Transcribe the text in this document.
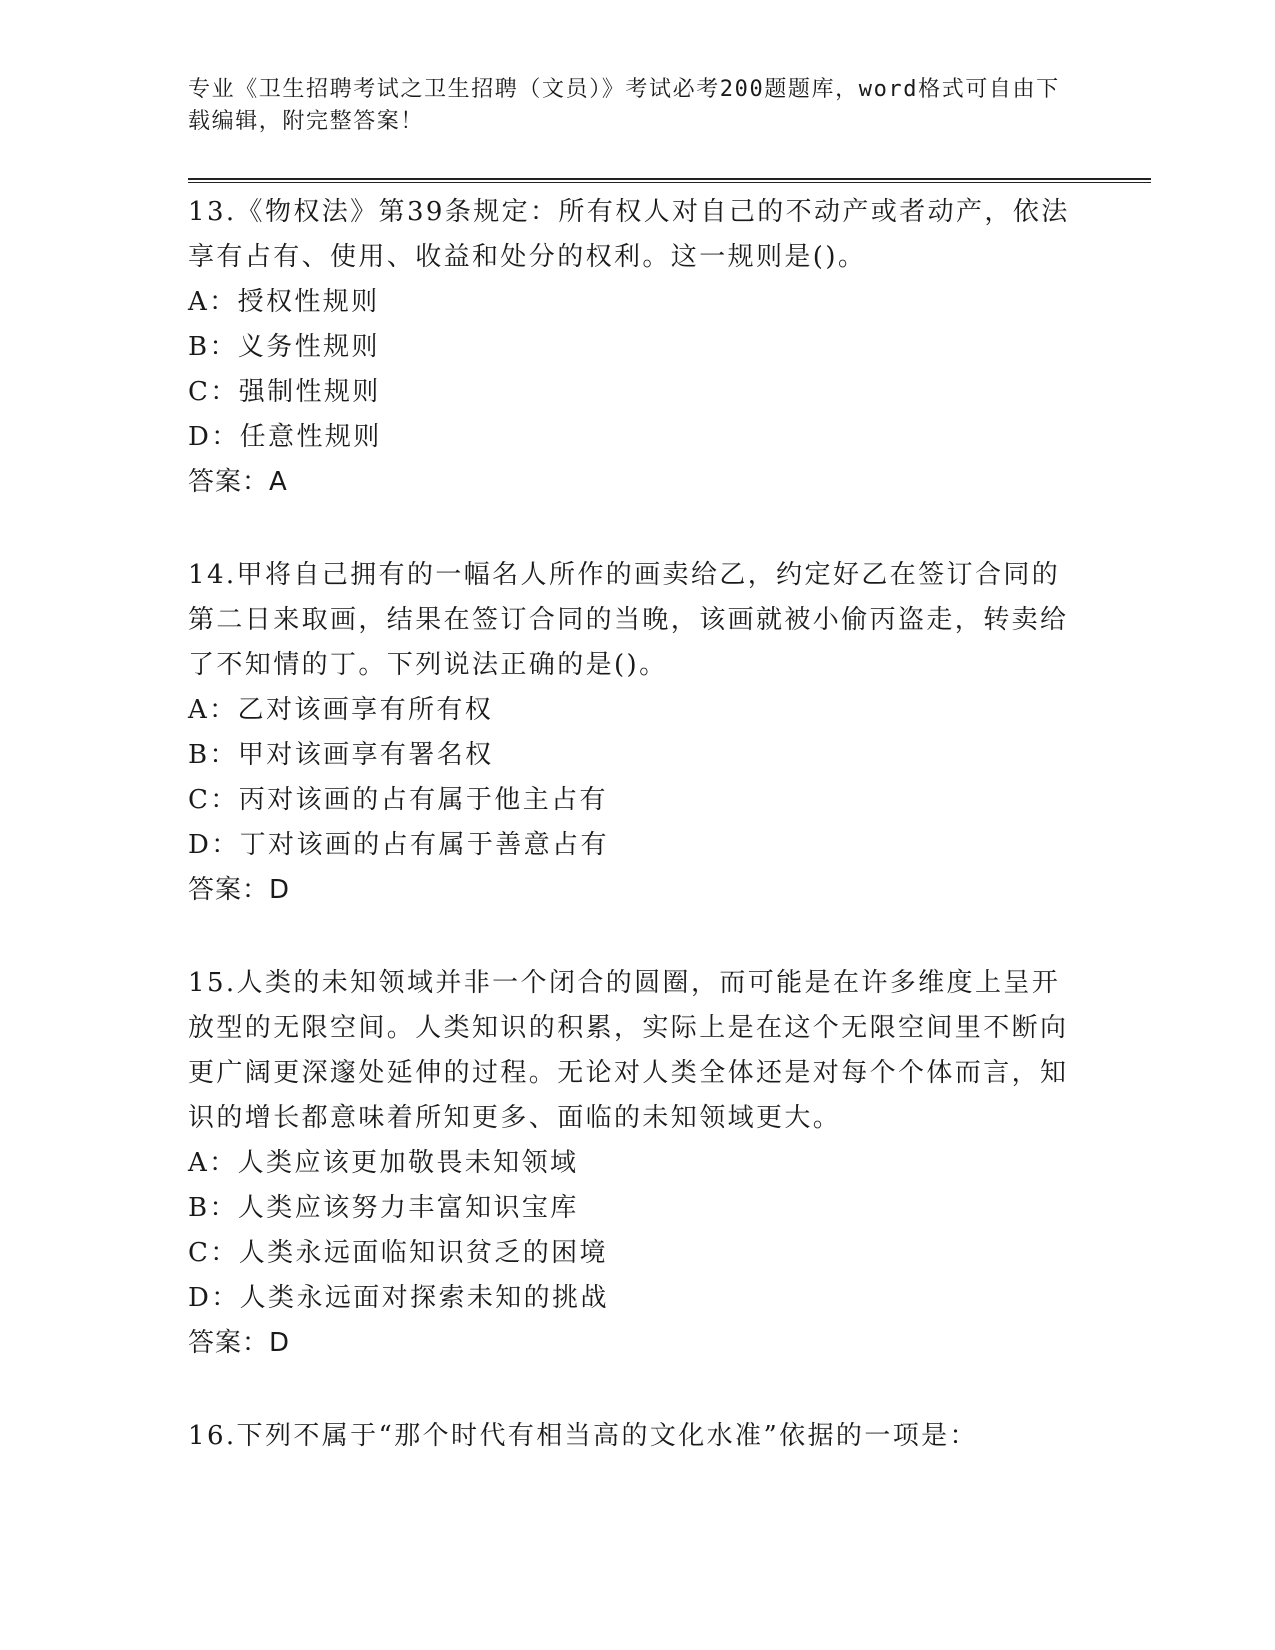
专业《卫生招聘考试之卫生招聘（文员）》考试必考200题题库，word格式可自由下载编辑，附完整答案！

13.《物权法》第39条规定：所有权人对自己的不动产或者动产，依法享有占有、使用、收益和处分的权利。这一规则是()。

A：授权性规则

B：义务性规则

C：强制性规则

D：任意性规则

答案：A

14.甲将自己拥有的一幅名人所作的画卖给乙，约定好乙在签订合同的第二日来取画，结果在签订合同的当晚，该画就被小偷丙盗走，转卖给了不知情的丁。下列说法正确的是()。

A：乙对该画享有所有权

B：甲对该画享有署名权

C：丙对该画的占有属于他主占有

D：丁对该画的占有属于善意占有

答案：D

15.人类的未知领域并非一个闭合的圆圈，而可能是在许多维度上呈开放型的无限空间。人类知识的积累，实际上是在这个无限空间里不断向更广阔更深邃处延伸的过程。无论对人类全体还是对每个个体而言，知识的增长都意味着所知更多、面临的未知领域更大。

A：人类应该更加敬畏未知领域

B：人类应该努力丰富知识宝库

C：人类永远面临知识贫乏的困境

D：人类永远面对探索未知的挑战

答案：D

16.下列不属于“那个时代有相当高的文化水准”依据的一项是：
